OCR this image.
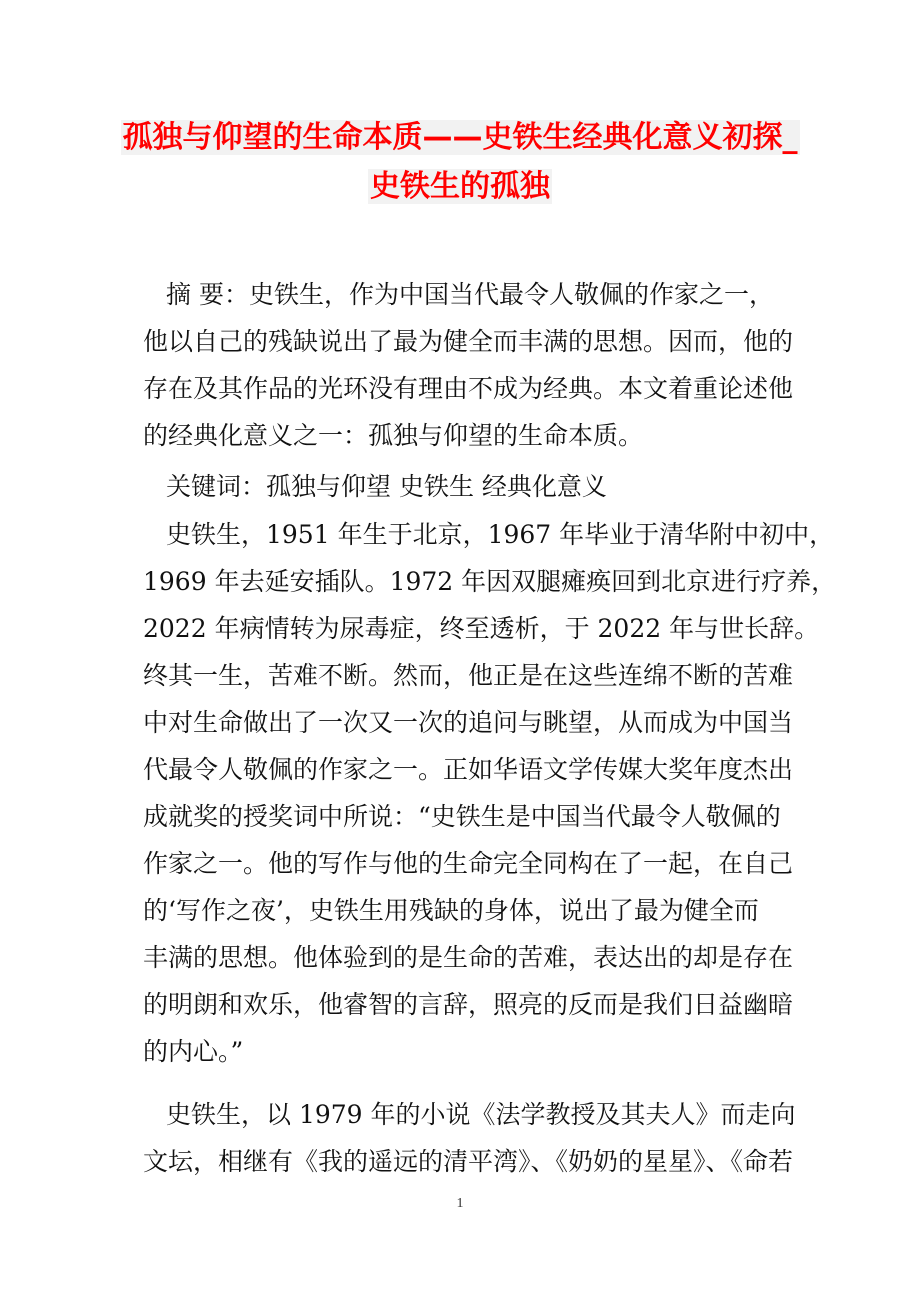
孤独与仰望的生命本质——史铁生经典化意义初探_
史铁生的孤独
摘 要：史铁生，作为中国当代最令人敬佩的作家之一，
他以自己的残缺说出了最为健全而丰满的思想。因而，他的
存在及其作品的光环没有理由不成为经典。本文着重论述他
的经典化意义之一：孤独与仰望的生命本质。
关键词：孤独与仰望 史铁生 经典化意义
史铁生，1951 年生于北京，1967 年毕业于清华附中初中，
1969 年去延安插队。1972 年因双腿瘫痪回到北京进行疗养，
2022 年病情转为尿毒症，终至透析，于 2022 年与世长辞。
终其一生，苦难不断。然而，他正是在这些连绵不断的苦难
中对生命做出了一次又一次的追问与眺望，从而成为中国当
代最令人敬佩的作家之一。正如华语文学传媒大奖年度杰出
成就奖的授奖词中所说：“史铁生是中国当代最令人敬佩的
作家之一。他的写作与他的生命完全同构在了一起，在自己
的‘写作之夜’，史铁生用残缺的身体，说出了最为健全而
丰满的思想。他体验到的是生命的苦难，表达出的却是存在
的明朗和欢乐，他睿智的言辞，照亮的反而是我们日益幽暗
的内心。”
史铁生，以 1979 年的小说《法学教授及其夫人》而走向
文坛，相继有《我的遥远的清平湾》、《奶奶的星星》、《命若
1
